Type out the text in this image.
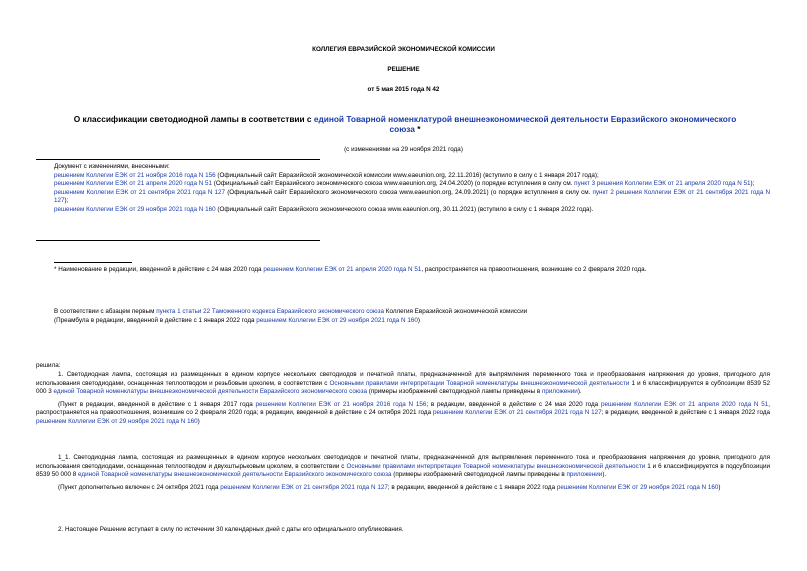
КОЛЛЕГИЯ ЕВРАЗИЙСКОЙ ЭКОНОМИЧЕСКОЙ КОМИССИИ
РЕШЕНИЕ
от 5 мая 2015 года N 42
О классификации светодиодной лампы в соответствии с единой Товарной номенклатурой внешнеэкономической деятельности Евразийского экономического союза *
(с изменениями на 29 ноября 2021 года)
Документ с изменениями, внесенными:
решением Коллегии ЕЭК от 21 ноября 2016 года N 156 (Официальный сайт Евразийской экономической комиссии www.eaeunion.org, 22.11.2016) (вступило в силу с 1 января 2017 года);
решением Коллегии ЕЭК от 21 апреля 2020 года N 51 (Официальный сайт Евразийского экономического союза www.eaeunion.org, 24.04.2020) (о порядке вступления в силу см. пункт 3 решения Коллегии ЕЭК от 21 апреля 2020 года N 51);
решением Коллегии ЕЭК от 21 сентября 2021 года N 127 (Официальный сайт Евразийского экономического союза www.eaeunion.org, 24.09.2021) (о порядке вступления в силу см. пункт 2 решения Коллегии ЕЭК от 21 сентября 2021 года N 127);
решением Коллегии ЕЭК от 29 ноября 2021 года N 160 (Официальный сайт Евразийского экономического союза www.eaeunion.org, 30.11.2021) (вступило в силу с 1 января 2022 года).
* Наименование в редакции, введенной в действие с 24 мая 2020 года решением Коллегии ЕЭК от 21 апреля 2020 года N 51, распространяется на правоотношения, возникшие со 2 февраля 2020 года.
В соответствии с абзацем первым пункта 1 статьи 22 Таможенного кодекса Евразийского экономического союза Коллегия Евразийской экономической комиссии
(Преамбула в редакции, введенной в действие с 1 января 2022 года решением Коллегии ЕЭК от 29 ноября 2021 года N 160)
решила:
1. Светодиодная лампа, состоящая из размещенных в едином корпусе нескольких светодиодов и печатной платы, предназначенной для выпрямления переменного тока и преобразования напряжения до уровня, пригодного для использования светодиодами, оснащенная теплоотводом и резьбовым цоколем, в соответствии с Основными правилами интерпретации Товарной номенклатуры внешнеэкономической деятельности 1 и 6 классифицируется в субпозиции 8539 52 000 3 единой Товарной номенклатуры внешнеэкономической деятельности Евразийского экономического союза (примеры изображений светодиодной лампы приведены в приложении).
(Пункт в редакции, введенной в действие с 1 января 2017 года решением Коллегии ЕЭК от 21 ноября 2016 года N 156; в редакции, введенной в действие с 24 мая 2020 года решением Коллегии ЕЭК от 21 апреля 2020 года N 51, распространяется на правоотношения, возникшие со 2 февраля 2020 года; в редакции, введенной в действие с 24 октября 2021 года решением Коллегии ЕЭК от 21 сентября 2021 года N 127; в редакции, введенной в действие с 1 января 2022 года решением Коллегии ЕЭК от 29 ноября 2021 года N 160)
1_1. Светодиодная лампа, состоящая из размещенных в едином корпусе нескольких светодиодов и печатной платы, предназначенной для выпрямления переменного тока и преобразования напряжения до уровня, пригодного для использования светодиодами, оснащенная теплоотводом и двухштырьковым цоколем, в соответствии с Основными правилами интерпретации Товарной номенклатуры внешнеэкономической деятельности 1 и 6 классифицируется в подсубпозиции 8539 50 000 8 единой Товарной номенклатуры внешнеэкономической деятельности Евразийского экономического союза (примеры изображений светодиодной лампы приведены в приложении).
(Пункт дополнительно включен с 24 октября 2021 года решением Коллегии ЕЭК от 21 сентября 2021 года N 127; в редакции, введенной в действие с 1 января 2022 года решением Коллегии ЕЭК от 29 ноября 2021 года N 160)
2. Настоящее Решение вступает в силу по истечении 30 календарных дней с даты его официального опубликования.
